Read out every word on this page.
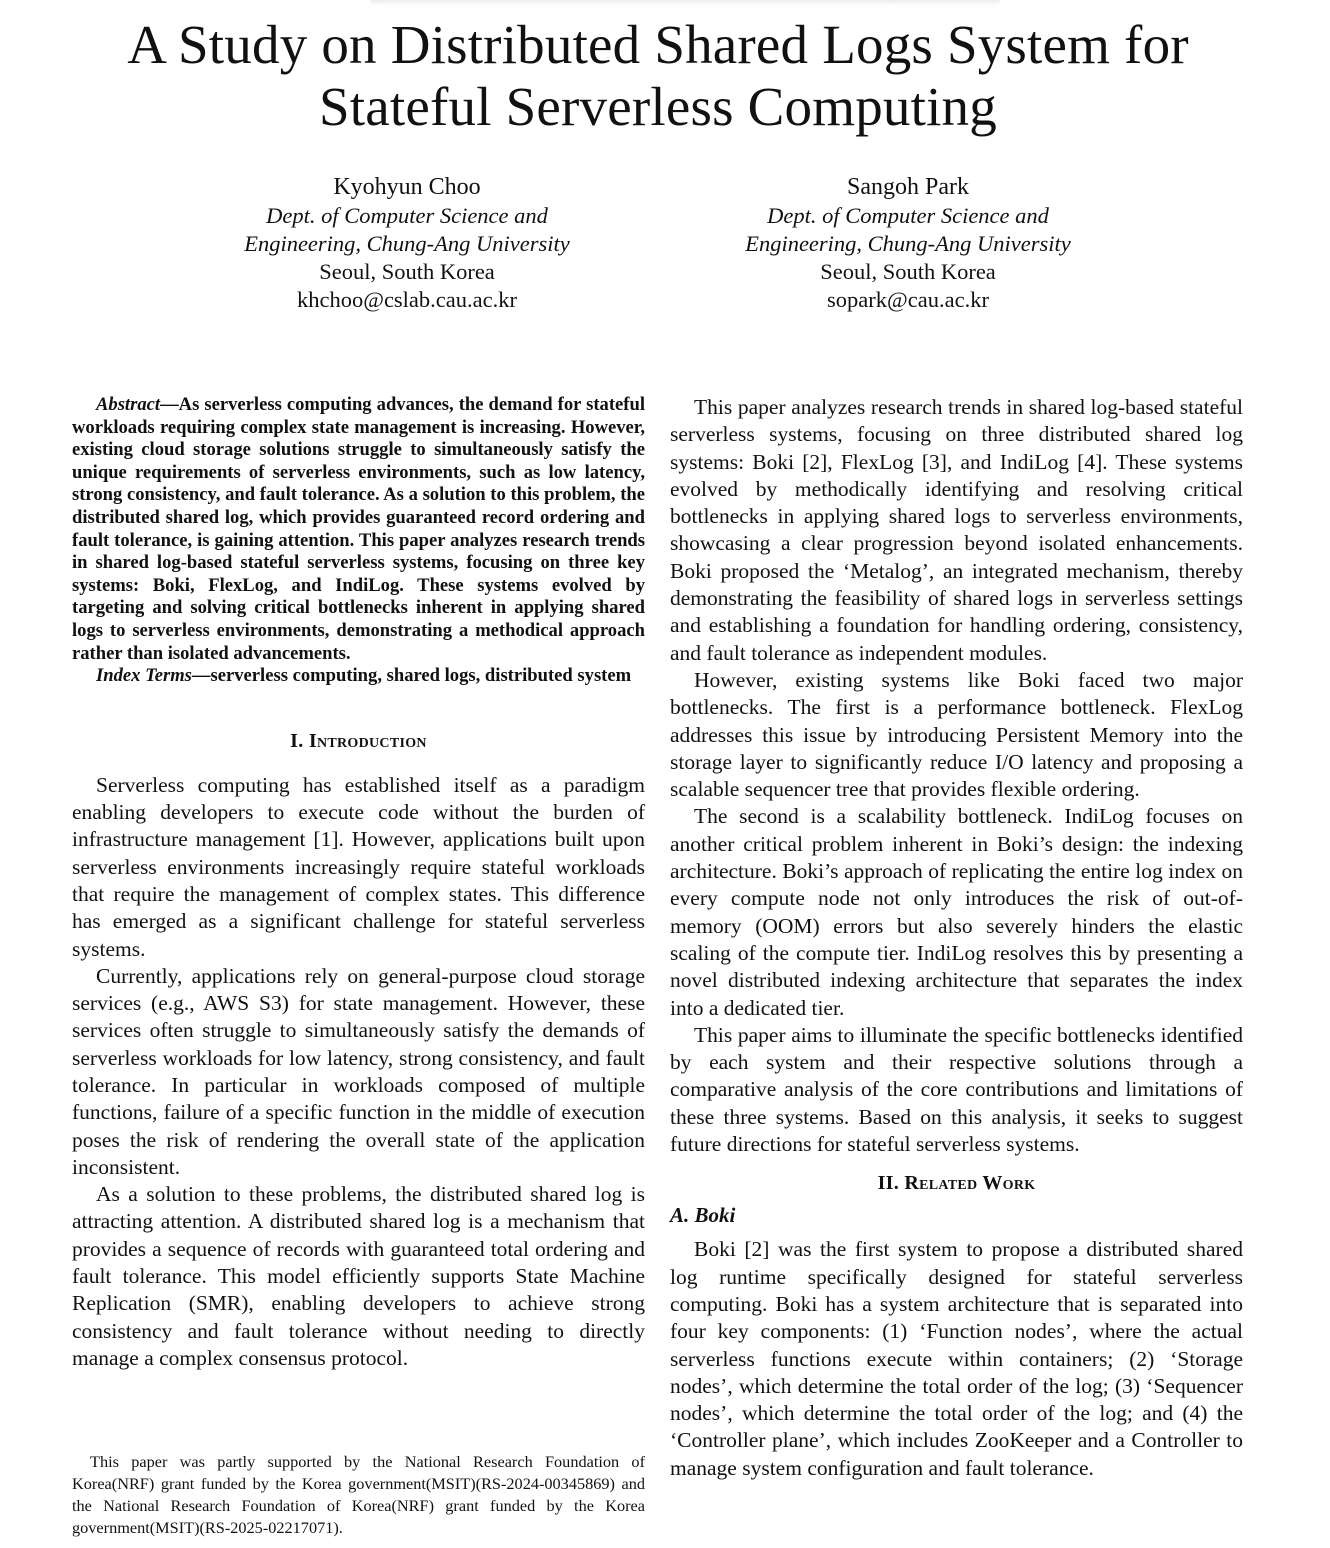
A Study on Distributed Shared Logs System for
Stateful Serverless Computing
Kyohyun Choo
Dept. of Computer Science and
Engineering, Chung-Ang University
Seoul, South Korea
khchoo@cslab.cau.ac.kr
Sangoh Park
Dept. of Computer Science and
Engineering, Chung-Ang University
Seoul, South Korea
sopark@cau.ac.kr

Abstract—As serverless computing advances, the demand for stateful workloads requiring complex state management is increasing. However, existing cloud storage solutions struggle to simultaneously satisfy the unique requirements of serverless environments, such as low latency, strong consistency, and fault tolerance. As a solution to this problem, the distributed shared log, which provides guaranteed record ordering and fault tolerance, is gaining attention. This paper analyzes research trends in shared log-based stateful serverless systems, focusing on three key systems: Boki, FlexLog, and IndiLog. These systems evolved by targeting and solving critical bottlenecks inherent in applying shared logs to serverless environments, demonstrating a methodical approach rather than isolated advancements.

Index Terms—serverless computing, shared logs, distributed system

I. Introduction

Serverless computing has established itself as a paradigm enabling developers to execute code without the burden of infrastructure management [1]. However, applications built upon serverless environments increasingly require stateful workloads that require the management of complex states. This difference has emerged as a significant challenge for stateful serverless systems.

Currently, applications rely on general-purpose cloud storage services (e.g., AWS S3) for state management. However, these services often struggle to simultaneously satisfy the demands of serverless workloads for low latency, strong consistency, and fault tolerance. In particular in workloads composed of multiple functions, failure of a specific function in the middle of execution poses the risk of rendering the overall state of the application inconsistent.

As a solution to these problems, the distributed shared log is attracting attention. A distributed shared log is a mechanism that provides a sequence of records with guaranteed total ordering and fault tolerance. This model efficiently supports State Machine Replication (SMR), enabling developers to achieve strong consistency and fault tolerance without needing to directly manage a complex consensus protocol.

This paper was partly supported by the National Research Foundation of Korea(NRF) grant funded by the Korea government(MSIT)(RS-2024-00345869) and the National Research Foundation of Korea(NRF) grant funded by the Korea government(MSIT)(RS-2025-02217071).

This paper analyzes research trends in shared log-based stateful serverless systems, focusing on three distributed shared log systems: Boki [2], FlexLog [3], and IndiLog [4]. These systems evolved by methodically identifying and resolving critical bottlenecks in applying shared logs to serverless environments, showcasing a clear progression beyond isolated enhancements. Boki proposed the ‘Metalog’, an integrated mechanism, thereby demonstrating the feasibility of shared logs in serverless settings and establishing a foundation for handling ordering, consistency, and fault tolerance as independent modules.

However, existing systems like Boki faced two major bottlenecks. The first is a performance bottleneck. FlexLog addresses this issue by introducing Persistent Memory into the storage layer to significantly reduce I/O latency and proposing a scalable sequencer tree that provides flexible ordering.

The second is a scalability bottleneck. IndiLog focuses on another critical problem inherent in Boki’s design: the indexing architecture. Boki’s approach of replicating the entire log index on every compute node not only introduces the risk of out-of-memory (OOM) errors but also severely hinders the elastic scaling of the compute tier. IndiLog resolves this by presenting a novel distributed indexing architecture that separates the index into a dedicated tier.

This paper aims to illuminate the specific bottlenecks identified by each system and their respective solutions through a comparative analysis of the core contributions and limitations of these three systems. Based on this analysis, it seeks to suggest future directions for stateful serverless systems.

II. Related Work
A. Boki

Boki [2] was the first system to propose a distributed shared log runtime specifically designed for stateful serverless computing. Boki has a system architecture that is separated into four key components: (1) ‘Function nodes’, where the actual serverless functions execute within containers; (2) ‘Storage nodes’, which determine the total order of the log; (3) ‘Sequencer nodes’, which determine the total order of the log; and (4) the ‘Controller plane’, which includes ZooKeeper and a Controller to manage system configuration and fault tolerance.
